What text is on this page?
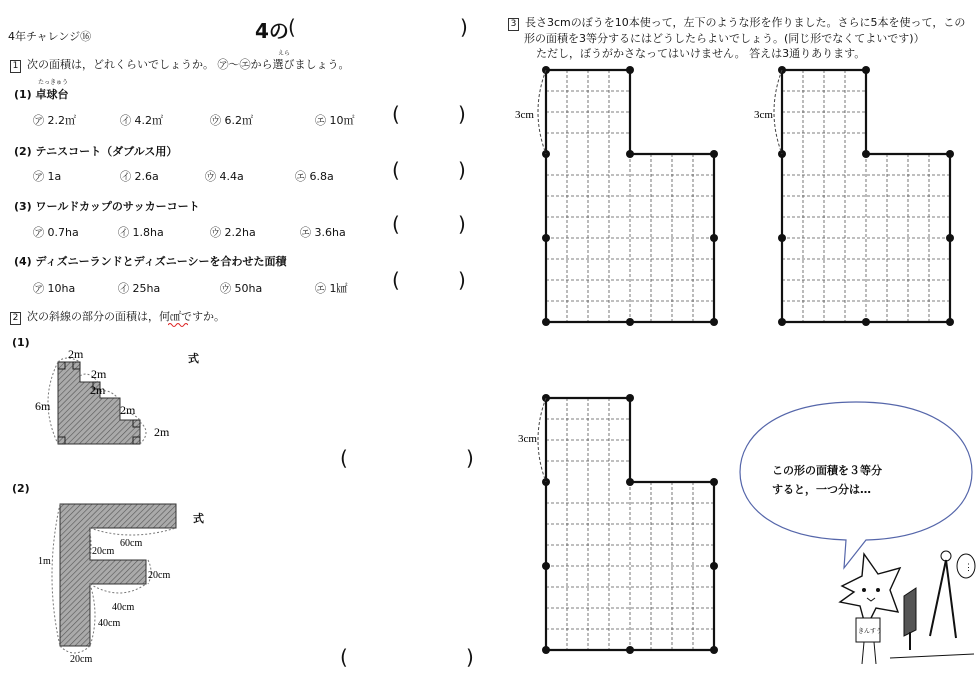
4年チャレンジ⑯	4の (	)
1 次の面積は，どれくらいでしょうか。 ㋐〜㋓から選びましょう。
たっきゅう
えら
(1) 卓球台
㋐ 2.2㎡	㋑ 4.2㎡	㋒ 6.2㎡	㋓ 10㎡ (	)
(2) テニスコート（ダブルス用）
㋐ 1a	㋑ 2.6a	㋒ 4.4a	㋓ 6.8a	(	)
(3) ワールドカップのサッカーコート
㋐ 0.7ha	㋑ 1.8ha	㋒ 2.2ha	㋓ 3.6ha (	)
(4) ディズニーランドとディズニーシーを合わせた面積
㋐ 10ha	㋑ 25ha	㋒ 50ha	㋓ 1㎢ (	)
2 次の斜線の部分の面積は，何㎠ですか。
(1)
式
2m
2m
2m
2m
2m
6m
(	)
(2)
式
1m
60cm
20cm
20cm
40cm
40cm
20cm	(	)
3 長さ3cmのぼうを10本使って，左下のような形を作りました。さらに5本を使って，この
形の面積を3等分するにはどうしたらよいでしょう。(同じ形でなくてよいです)）
ただし，ぼうがかさなってはいけません。 答えは3通りあります。
3cm	3cm
3cm
この形の面積を３等分
すると，一つ分は…
きんすう
⋮
